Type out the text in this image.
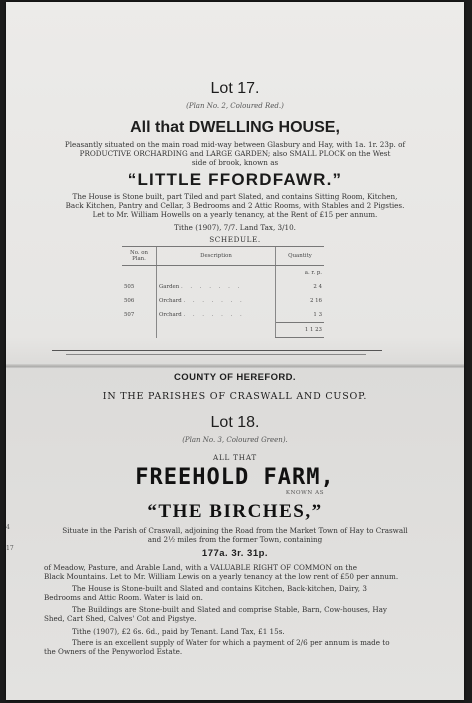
Lot 17.
(Plan No. 2, Coloured Red.)
All that DWELLING HOUSE,
Pleasantly situated on the main road mid-way between Glasbury and Hay, with 1a. 1r. 23p. of
PRODUCTIVE ORCHARDING and LARGE GARDEN; also SMALL PLOCK on the West
side of brook, known as
“LITTLE FFORDFAWR.”
The House is Stone built, part Tiled and part Slated, and contains Sitting Room, Kitchen,
Back Kitchen, Pantry and Cellar, 3 Bedrooms and 2 Attic Rooms, with Stables and 2 Pigsties.
Let to Mr. William Howells on a yearly tenancy, at the Rent of £15 per annum.
Tithe (1907), 7/7. Land Tax, 3/10.
SCHEDULE.
No. on Plan.	Description	Quantity
		a. r. p.
505	Garden . . . . . . .	2 4
506	Orchard . . . . . . .	2 16
507	Orchard . . . . . . .	1 3
		1 1 23
COUNTY OF HEREFORD.
IN THE PARISHES OF CRASWALL AND CUSOP.
Lot 18.
(Plan No. 3, Coloured Green).
ALL THAT
FREEHOLD FARM,
KNOWN AS
“THE BIRCHES,”
Situate in the Parish of Craswall, adjoining the Road from the Market Town of Hay to Craswall
and 2½ miles from the former Town, containing
177a. 3r. 31p.
of Meadow, Pasture, and Arable Land, with a VALUABLE RIGHT OF COMMON on the
Black Mountains. Let to Mr. William Lewis on a yearly tenancy at the low rent of £50 per annum.
The House is Stone-built and Slated and contains Kitchen, Back-kitchen, Dairy, 3
Bedrooms and Attic Room. Water is laid on.
The Buildings are Stone-built and Slated and comprise Stable, Barn, Cow-houses, Hay
Shed, Cart Shed, Calves' Cot and Pigstye.
Tithe (1907), £2 6s. 6d., paid by Tenant. Land Tax, £1 15s.
There is an excellent supply of Water for which a payment of 2/6 per annum is made to
the Owners of the Penyworlod Estate.
4
17
